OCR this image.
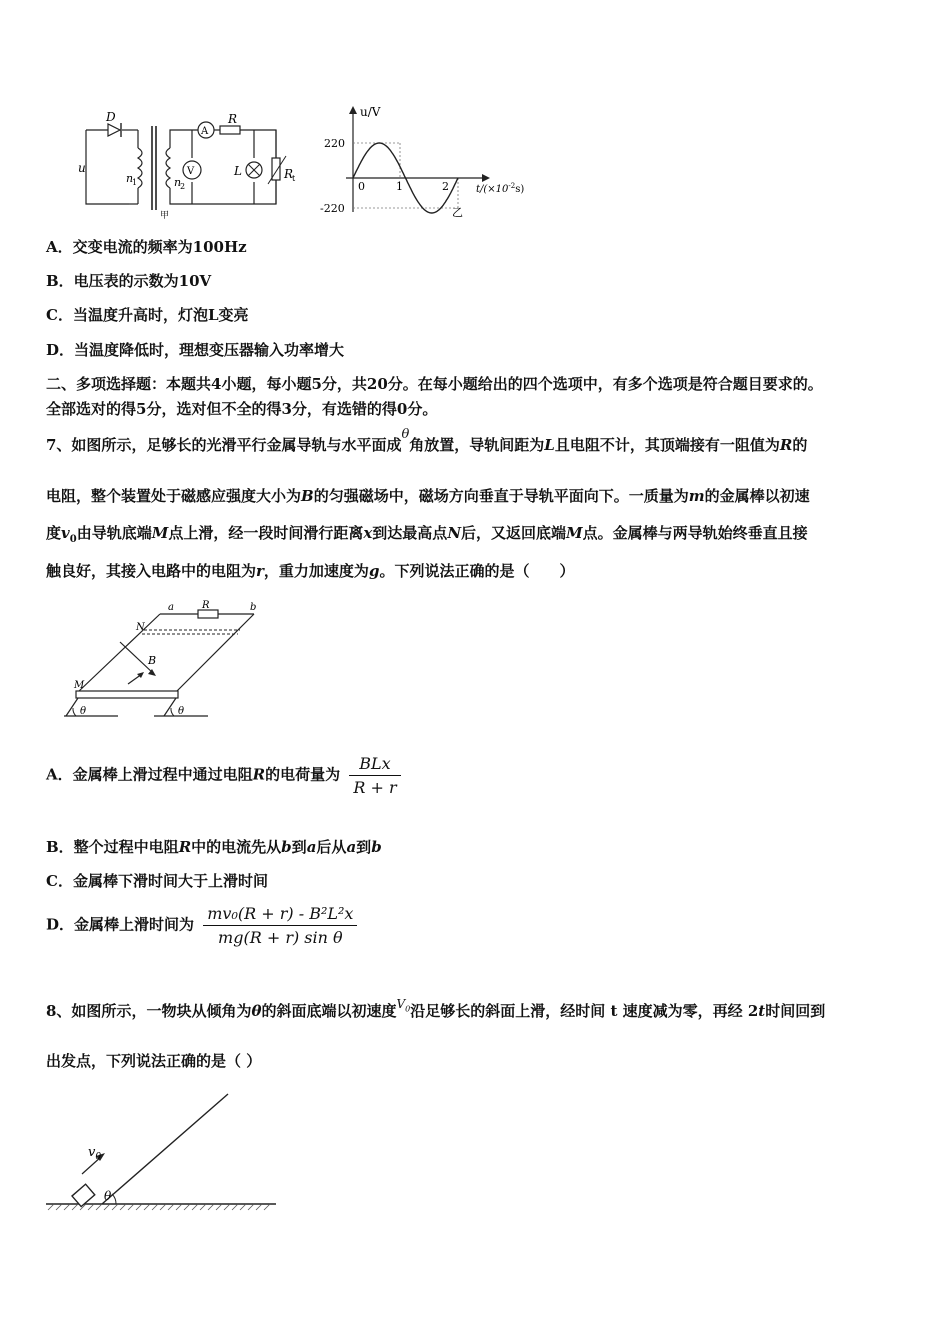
D
A
R
V	L	R
t
u
n
1	n
2
甲
u/V
220
-220
0	1	2	$t/(\times 10^{-2}s)$
乙
A．交变电流的频率为100Hz
B．电压表的示数为10V
C．当温度升高时，灯泡L变亮
D．当温度降低时，理想变压器输入功率增大
二、多项选择题：本题共4小题，每小题5分，共20分。在每小题给出的四个选项中，有多个选项是符合题目要求的。
全部选对的得5分，选对但不全的得3分，有选错的得0分。
7、如图所示，足够长的光滑平行金属导轨与水平面成θ角放置，导轨间距为L且电阻不计，其顶端接有一阻值为R的
电阻，整个装置处于磁感应强度大小为B的匀强磁场中，磁场方向垂直于导轨平面向下。一质量为m的金属棒以初速
度$v_0$由导轨底端M点上滑，经一段时间滑行距离x到达最高点N后，又返回底端M点。金属棒与两导轨始终垂直且接
触良好，其接入电路中的电阻为r，重力加速度为g。下列说法正确的是（　　）
a	R	b
N
B
M
θ	θ
A．金属棒上滑过程中通过电阻R的电荷量为 $\frac{\text{BLx}}{R + r}$
B．整个过程中电阻R中的电流先从b到a后从a到b
C．金属棒下滑时间大于上滑时间
D．金属棒上滑时间为 $\frac{\text{mv₀(R + r) - B²L²x}}{\text{mg(R + r) sin θ}}$
8、如图所示，一物块从倾角为θ的斜面底端以初速度$^{V_0}$沿足够长的斜面上滑，经时间 t 速度减为零，再经 2t时间回到
出发点，下列说法正确的是（ ）
$v_0$
θ
